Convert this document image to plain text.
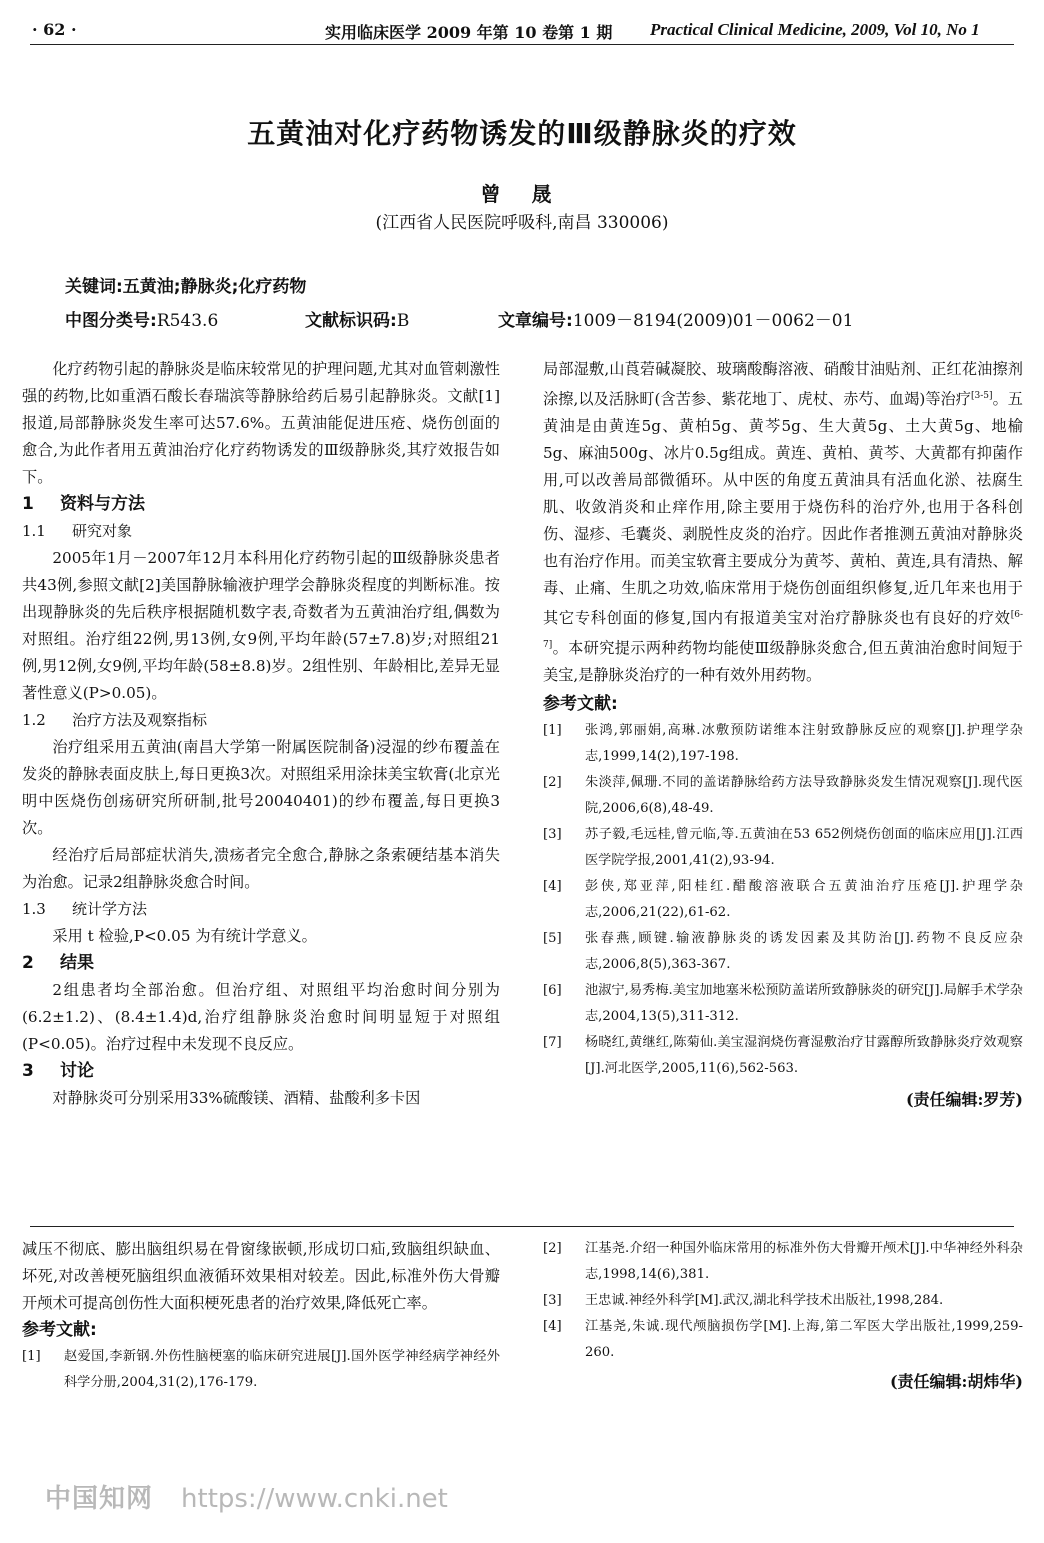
· 62 ·	实用临床医学 2009 年第 10 卷第 1 期 Practical Clinical Medicine, 2009, Vol 10, No 1
五黄油对化疗药物诱发的Ⅲ级静脉炎的疗效
曾 晟
(江西省人民医院呼吸科,南昌 330006)
关键词:五黄油;静脉炎;化疗药物
中图分类号:R543.6	文献标识码:B	文章编号:1009－8194(2009)01－0062－01

化疗药物引起的静脉炎是临床较常见的护理问题,尤其对血管刺激性强的药物,比如重酒石酸长春瑞滨等静脉给药后易引起静脉炎。文献[1]报道,局部静脉炎发生率可达57.6%。五黄油能促进压疮、烧伤创面的愈合,为此作者用五黄油治疗化疗药物诱发的Ⅲ级静脉炎,其疗效报告如下。

1 资料与方法

1.1 研究对象

2005年1月－2007年12月本科用化疗药物引起的Ⅲ级静脉炎患者共43例,参照文献[2]美国静脉输液护理学会静脉炎程度的判断标准。按出现静脉炎的先后秩序根据随机数字表,奇数者为五黄油治疗组,偶数为对照组。治疗组22例,男13例,女9例,平均年龄(57±7.8)岁;对照组21例,男12例,女9例,平均年龄(58±8.8)岁。2组性别、年龄相比,差异无显著性意义(P>0.05)。

1.2 治疗方法及观察指标

治疗组采用五黄油(南昌大学第一附属医院制备)浸湿的纱布覆盖在发炎的静脉表面皮肤上,每日更换3次。对照组采用涂抹美宝软膏(北京光明中医烧伤创疡研究所研制,批号20040401)的纱布覆盖,每日更换3次。

经治疗后局部症状消失,溃疡者完全愈合,静脉之条索硬结基本消失为治愈。记录2组静脉炎愈合时间。

1.3 统计学方法

采用 t 检验,P<0.05 为有统计学意义。

2 结果

2组患者均全部治愈。但治疗组、对照组平均治愈时间分别为(6.2±1.2)、(8.4±1.4)d,治疗组静脉炎治愈时间明显短于对照组(P<0.05)。治疗过程中未发现不良反应。

3 讨论

对静脉炎可分别采用33%硫酸镁、酒精、盐酸利多卡因

局部湿敷,山莨菪碱凝胶、玻璃酸酶溶液、硝酸甘油贴剂、正红花油擦剂涂擦,以及活脉町(含苦参、紫花地丁、虎杖、赤芍、血竭)等治疗[3-5]。五黄油是由黄连5g、黄柏5g、黄芩5g、生大黄5g、土大黄5g、地榆5g、麻油500g、冰片0.5g组成。黄连、黄柏、黄芩、大黄都有抑菌作用,可以改善局部微循环。从中医的角度五黄油具有活血化淤、祛腐生肌、收敛消炎和止痒作用,除主要用于烧伤科的治疗外,也用于各科创伤、湿疹、毛囊炎、剥脱性皮炎的治疗。因此作者推测五黄油对静脉炎也有治疗作用。而美宝软膏主要成分为黄芩、黄柏、黄连,具有清热、解毒、止痛、生肌之功效,临床常用于烧伤创面组织修复,近几年来也用于其它专科创面的修复,国内有报道美宝对治疗静脉炎也有良好的疗效[6-7]。本研究提示两种药物均能使Ⅲ级静脉炎愈合,但五黄油治愈时间短于美宝,是静脉炎治疗的一种有效外用药物。

参考文献:

[1] 张鸿,郭丽娟,高琳.冰敷预防诺维本注射致静脉反应的观察[J].护理学杂志,1999,14(2),197-198.
[2] 朱淡萍,佩珊.不同的盖诺静脉给药方法导致静脉炎发生情况观察[J].现代医院,2006,6(8),48-49.
[3] 苏子毅,毛远桂,曾元临,等.五黄油在53 652例烧伤创面的临床应用[J].江西医学院学报,2001,41(2),93-94.
[4] 彭侠,郑亚萍,阳桂红.醋酸溶液联合五黄油治疗压疮[J].护理学杂志,2006,21(22),61-62.
[5] 张春燕,顾键.输液静脉炎的诱发因素及其防治[J].药物不良反应杂志,2006,8(5),363-367.
[6] 池淑宁,易秀梅.美宝加地塞米松预防盖诺所致静脉炎的研究[J].局解手术学杂志,2004,13(5),311-312.
[7] 杨晓红,黄继红,陈菊仙.美宝湿润烧伤膏湿敷治疗甘露醇所致静脉炎疗效观察[J].河北医学,2005,11(6),562-563.

(责任编辑:罗芳)

减压不彻底、膨出脑组织易在骨窗缘嵌顿,形成切口疝,致脑组织缺血、坏死,对改善梗死脑组织血液循环效果相对较差。因此,标准外伤大骨瓣开颅术可提高创伤性大面积梗死患者的治疗效果,降低死亡率。

参考文献:

[1] 赵爱国,李新钢.外伤性脑梗塞的临床研究进展[J].国外医学神经病学神经外科学分册,2004,31(2),176-179.
[2] 江基尧.介绍一种国外临床常用的标准外伤大骨瓣开颅术[J].中华神经外科杂志,1998,14(6),381.
[3] 王忠诚.神经外科学[M].武汉,湖北科学技术出版社,1998,284.
[4] 江基尧,朱诚.现代颅脑损伤学[M].上海,第二军医大学出版社,1999,259-260.

(责任编辑:胡炜华)

中国知网 https://www.cnki.net
